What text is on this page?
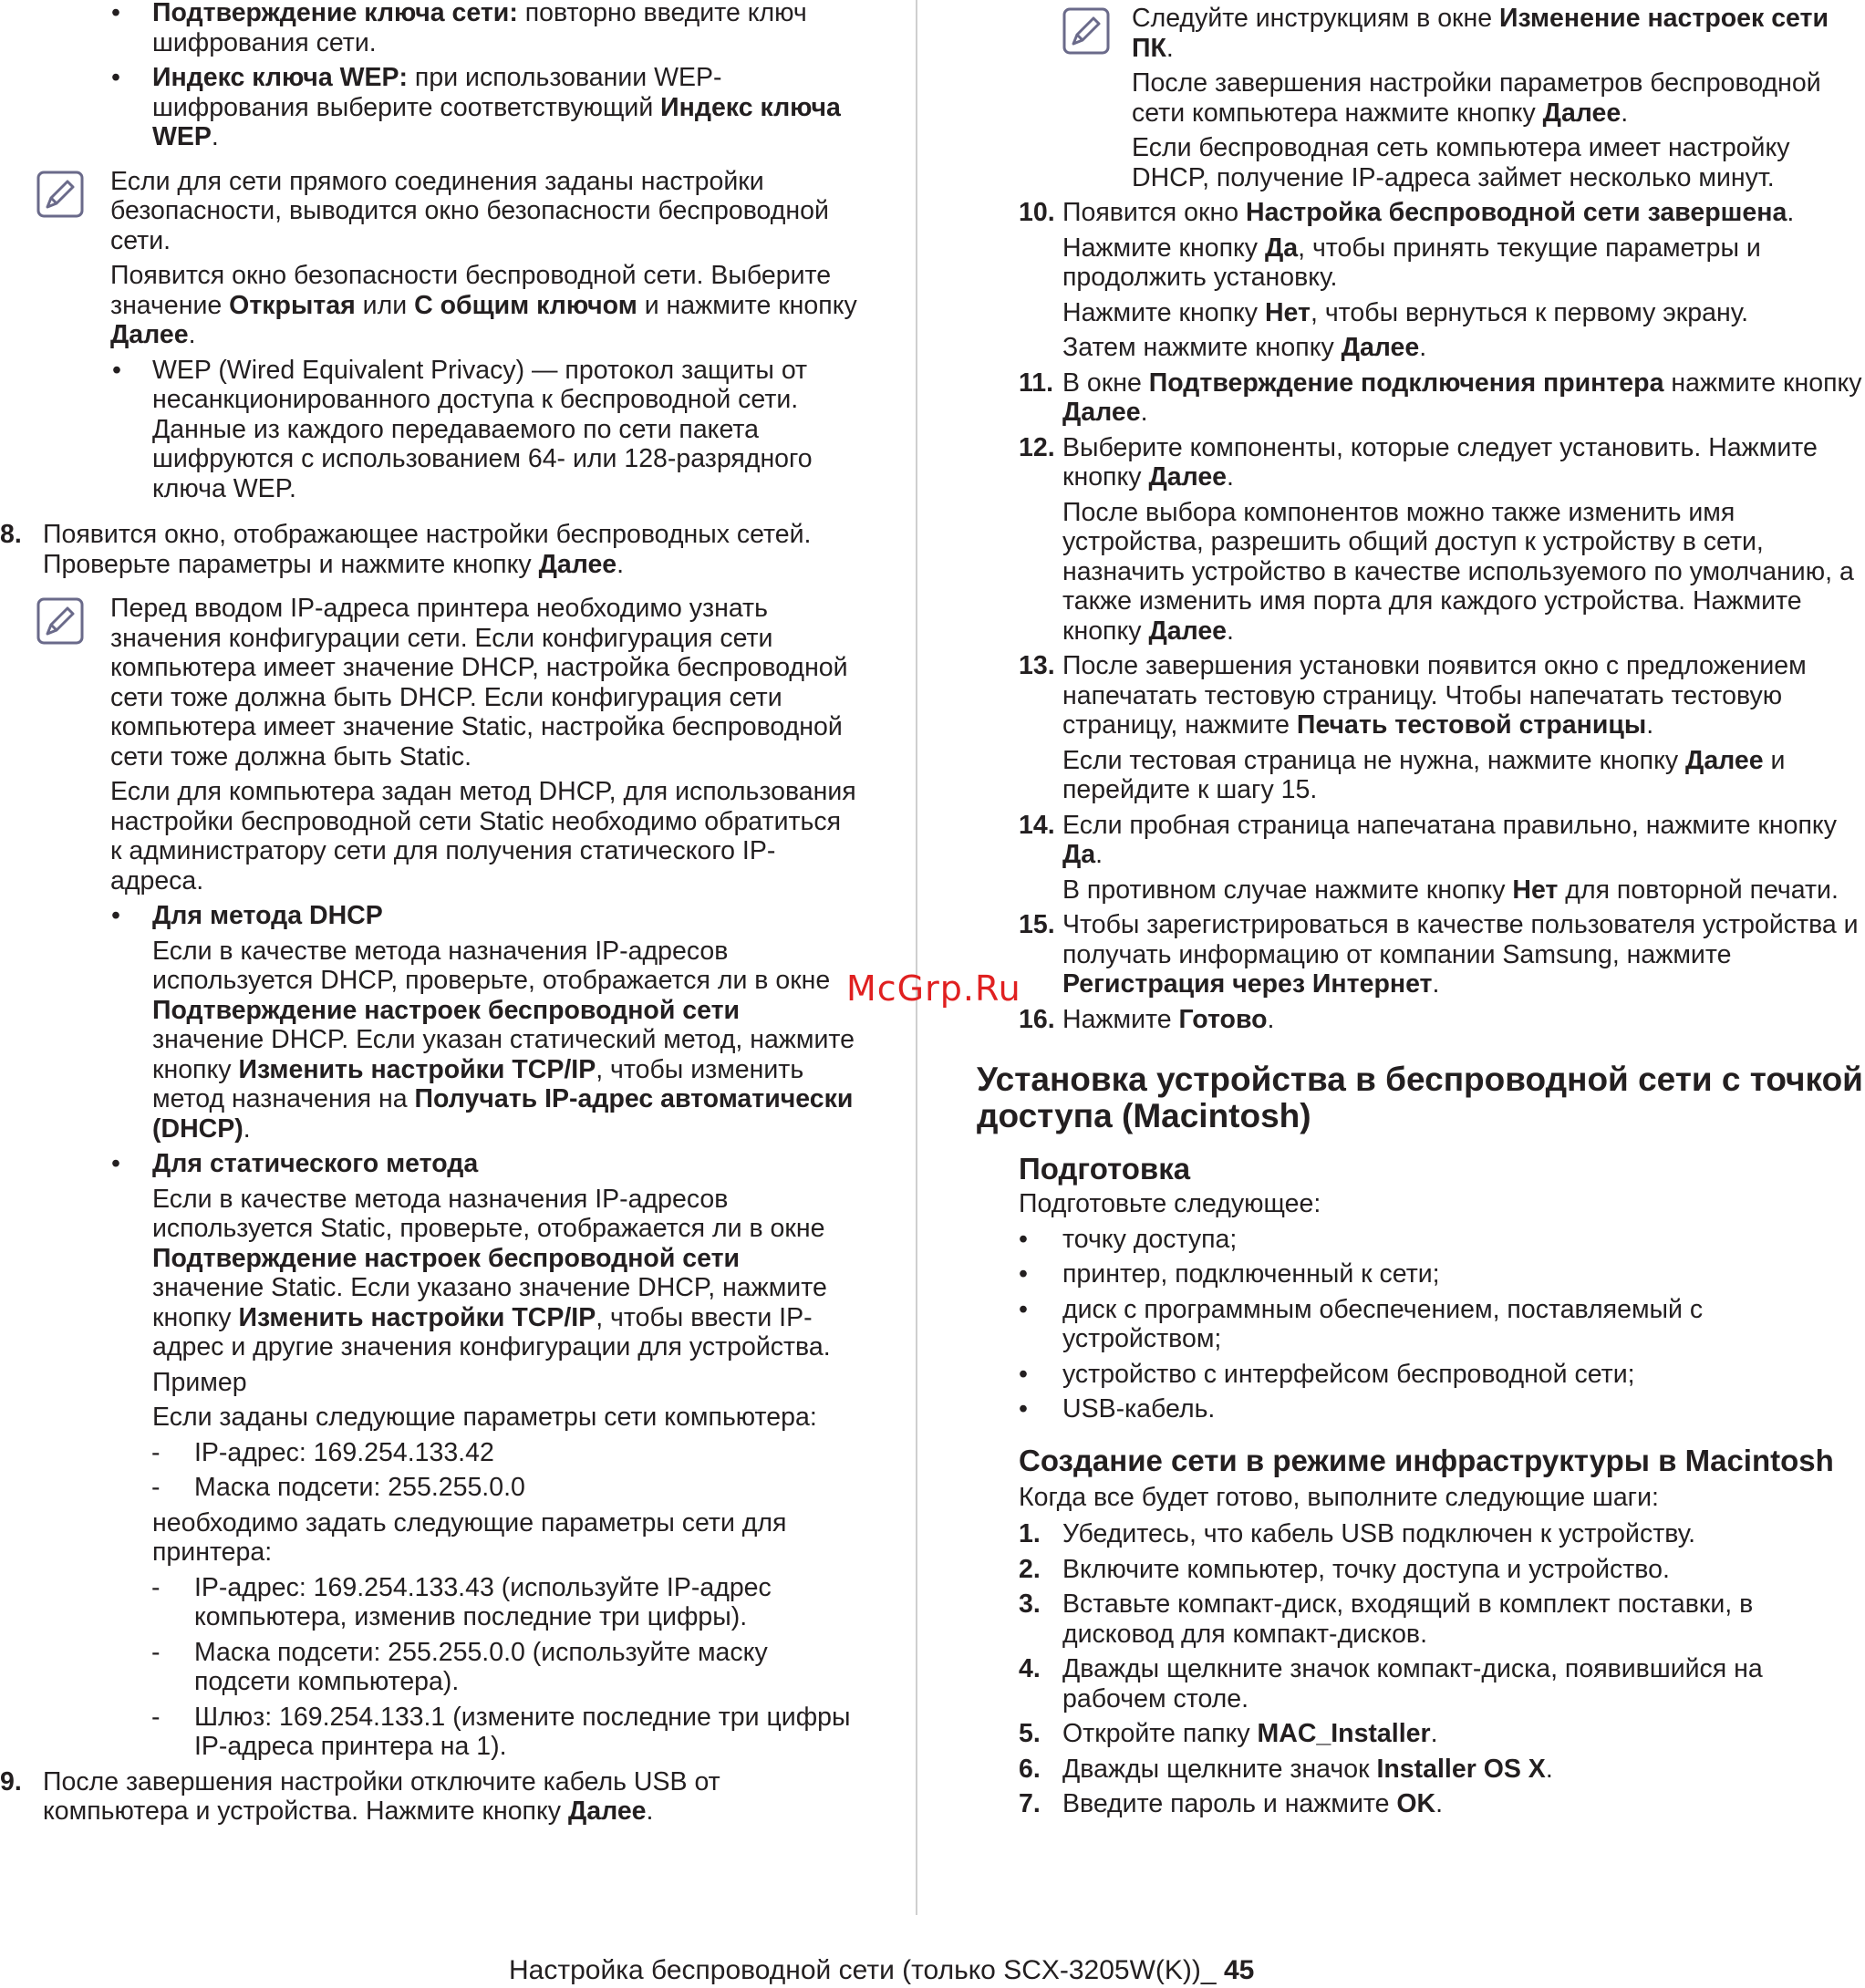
• Подтверждение ключа сети: повторно введите ключ шифрования сети.
• Индекс ключа WEP: при использовании WEP-шифрования выберите соответствующий Индекс ключа WEP.

Если для сети прямого соединения заданы настройки безопасности, выводится окно безопасности беспроводной сети.

Появится окно безопасности беспроводной сети. Выберите значение Открытая или С общим ключом и нажмите кнопку Далее.

• WEP (Wired Equivalent Privacy) — протокол защиты от несанкционированного доступа к беспроводной сети. Данные из каждого передаваемого по сети пакета шифруются с использованием 64- или 128-разрядного ключа WEP.
8. Появится окно, отображающее настройки беспроводных сетей. Проверьте параметры и нажмите кнопку Далее.

Перед вводом IP-адреса принтера необходимо узнать значения конфигурации сети. Если конфигурация сети компьютера имеет значение DHCP, настройка беспроводной сети тоже должна быть DHCP. Если конфигурация сети компьютера имеет значение Static, настройка беспроводной сети тоже должна быть Static.

Если для компьютера задан метод DHCP, для использования настройки беспроводной сети Static необходимо обратиться к администратору сети для получения статического IP-адреса.

• Для метода DHCP

Если в качестве метода назначения IP-адресов используется DHCP, проверьте, отображается ли в окне Подтверждение настроек беспроводной сети значение DHCP. Если указан статический метод, нажмите кнопку Изменить настройки TCP/IP, чтобы изменить метод назначения на Получать IP-адрес автоматически (DHCP).

• Для статического метода

Если в качестве метода назначения IP-адресов используется Static, проверьте, отображается ли в окне Подтверждение настроек беспроводной сети значение Static. Если указано значение DHCP, нажмите кнопку Изменить настройки TCP/IP, чтобы ввести IP-адрес и другие значения конфигурации для устройства.

Пример

Если заданы следующие параметры сети компьютера:

- IP-адрес: 169.254.133.42
- Маска подсети: 255.255.0.0

необходимо задать следующие параметры сети для принтера:

- IP-адрес: 169.254.133.43 (используйте IP-адрес компьютера, изменив последние три цифры).
- Маска подсети: 255.255.0.0 (используйте маску подсети компьютера).
- Шлюз: 169.254.133.1 (измените последние три цифры IP-адреса принтера на 1).
9. После завершения настройки отключите кабель USB от компьютера и устройства. Нажмите кнопку Далее.

Следуйте инструкциям в окне Изменение настроек сети ПК.

После завершения настройки параметров беспроводной сети компьютера нажмите кнопку Далее.

Если беспроводная сеть компьютера имеет настройку DHCP, получение IP-адреса займет несколько минут.

10. Появится окно Настройка беспроводной сети завершена.

Нажмите кнопку Да, чтобы принять текущие параметры и продолжить установку.

Нажмите кнопку Нет, чтобы вернуться к первому экрану.

Затем нажмите кнопку Далее.

11. В окне Подтверждение подключения принтера нажмите кнопку Далее.
12. Выберите компоненты, которые следует установить. Нажмите кнопку Далее.

После выбора компонентов можно также изменить имя устройства, разрешить общий доступ к устройству в сети, назначить устройство в качестве используемого по умолчанию, а также изменить имя порта для каждого устройства. Нажмите кнопку Далее.

13. После завершения установки появится окно с предложением напечатать тестовую страницу. Чтобы напечатать тестовую страницу, нажмите Печать тестовой страницы.

Если тестовая страница не нужна, нажмите кнопку Далее и перейдите к шагу 15.

14. Если пробная страница напечатана правильно, нажмите кнопку Да.

В противном случае нажмите кнопку Нет для повторной печати.

15. Чтобы зарегистрироваться в качестве пользователя устройства и получать информацию от компании Samsung, нажмите Регистрация через Интернет.
16. Нажмите Готово.
Установка устройства в беспроводной сети с точкой доступа (Macintosh)
Подготовка

Подготовьте следующее:

• точку доступа;
• принтер, подключенный к сети;
• диск с программным обеспечением, поставляемый с устройством;
• устройство с интерфейсом беспроводной сети;
• USB-кабель.
Создание сети в режиме инфраструктуры в Macintosh

Когда все будет готово, выполните следующие шаги:

1. Убедитесь, что кабель USB подключен к устройству.
2. Включите компьютер, точку доступа и устройство.
3. Вставьте компакт-диск, входящий в комплект поставки, в дисковод для компакт-дисков.
4. Дважды щелкните значок компакт-диска, появившийся на рабочем столе.
5. Откройте папку MAC_Installer.
6. Дважды щелкните значок Installer OS X.
7. Введите пароль и нажмите OK.
McGrp.Ru
Настройка беспроводной сети (только SCX-3205W(K))_ 45
